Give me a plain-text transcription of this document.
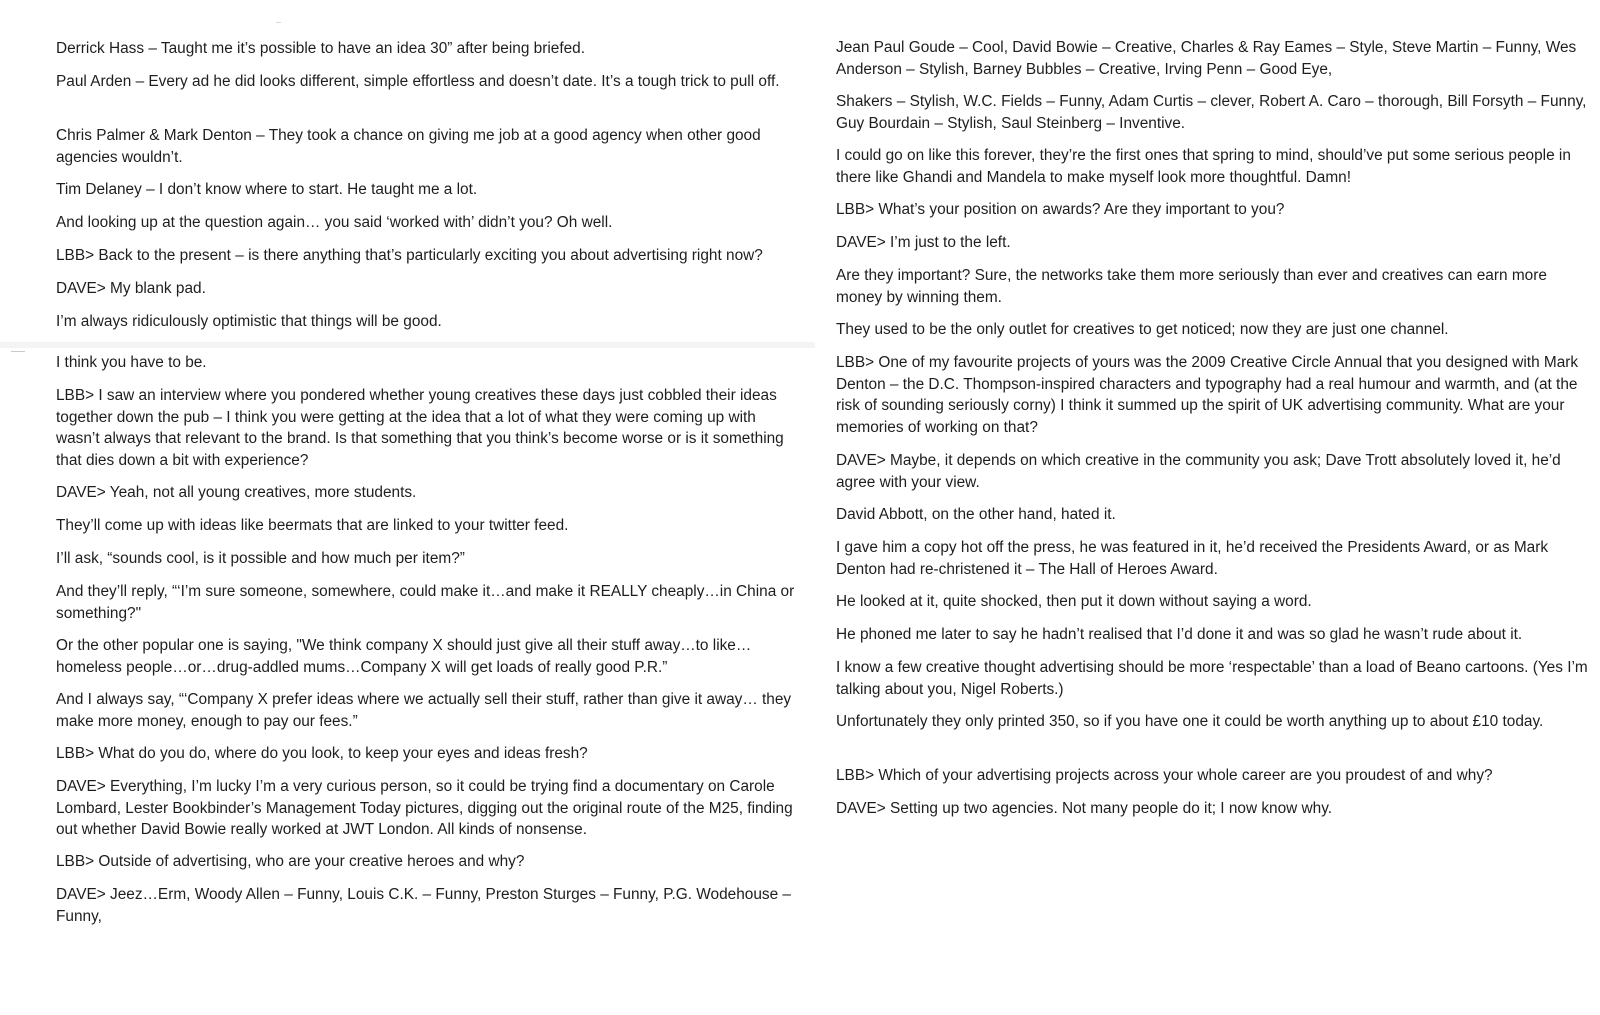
Derrick Hass – Taught me it’s possible to have an idea 30” after being briefed.

Paul Arden – Every ad he did looks different, simple effortless and doesn’t date. It’s a tough trick to pull off.

Chris Palmer & Mark Denton – They took a chance on giving me job at a good agency when other good agencies wouldn’t.

Tim Delaney – I don’t know where to start. He taught me a lot.

And looking up at the question again… you said ‘worked with’ didn’t you? Oh well.

LBB> Back to the present – is there anything that’s particularly exciting you about advertising right now?

DAVE> My blank pad.

I’m always ridiculously optimistic that things will be good.

I think you have to be.

LBB> I saw an interview where you pondered whether young creatives these days just cobbled their ideas together down the pub – I think you were getting at the idea that a lot of what they were coming up with wasn’t always that relevant to the brand. Is that something that you think’s become worse or is it something that dies down a bit with experience?

DAVE> Yeah, not all young creatives, more students.

They’ll come up with ideas like beermats that are linked to your twitter feed.

I’ll ask, “sounds cool, is it possible and how much per item?”

And they’ll reply, “‘I’m sure someone, somewhere, could make it…and make it REALLY cheaply…in China or something?"

Or the other popular one is saying, "We think company X should just give all their stuff away…to like… homeless people…or…drug-addled mums…Company X will get loads of really good P.R.”

And I always say, “‘Company X prefer ideas where we actually sell their stuff, rather than give it away… they make more money, enough to pay our fees.”

LBB> What do you do, where do you look, to keep your eyes and ideas fresh?

DAVE> Everything, I’m lucky I’m a very curious person, so it could be trying find a documentary on Carole Lombard, Lester Bookbinder’s Management Today pictures, digging out the original route of the M25, finding out whether David Bowie really worked at JWT London. All kinds of nonsense.

LBB> Outside of advertising, who are your creative heroes and why?

DAVE> Jeez…Erm, Woody Allen – Funny, Louis C.K. – Funny, Preston Sturges – Funny, P.G. Wodehouse – Funny,

Jean Paul Goude – Cool, David Bowie – Creative, Charles & Ray Eames – Style, Steve Martin – Funny, Wes Anderson – Stylish, Barney Bubbles – Creative, Irving Penn – Good Eye,

Shakers – Stylish, W.C. Fields – Funny, Adam Curtis – clever, Robert A. Caro – thorough, Bill Forsyth – Funny, Guy Bourdain – Stylish, Saul Steinberg – Inventive.

I could go on like this forever, they’re the first ones that spring to mind, should’ve put some serious people in there like Ghandi and Mandela to make myself look more thoughtful. Damn!

LBB> What’s your position on awards? Are they important to you?

DAVE> I’m just to the left.

Are they important? Sure, the networks take them more seriously than ever and creatives can earn more money by winning them.

They used to be the only outlet for creatives to get noticed; now they are just one channel.

LBB> One of my favourite projects of yours was the 2009 Creative Circle Annual that you designed with Mark Denton – the D.C. Thompson-inspired characters and typography had a real humour and warmth, and (at the risk of sounding seriously corny) I think it summed up the spirit of UK advertising community. What are your memories of working on that?

DAVE> Maybe, it depends on which creative in the community you ask; Dave Trott absolutely loved it, he’d agree with your view.

David Abbott, on the other hand, hated it.

I gave him a copy hot off the press, he was featured in it, he’d received the Presidents Award, or as Mark Denton had re-christened it – The Hall of Heroes Award.

He looked at it, quite shocked, then put it down without saying a word.

He phoned me later to say he hadn’t realised that I’d done it and was so glad he wasn’t rude about it.

I know a few creative thought advertising should be more ‘respectable’ than a load of Beano cartoons. (Yes I’m talking about you, Nigel Roberts.)

Unfortunately they only printed 350, so if you have one it could be worth anything up to about £10 today.

LBB> Which of your advertising projects across your whole career are you proudest of and why?

DAVE> Setting up two agencies. Not many people do it; I now know why.
